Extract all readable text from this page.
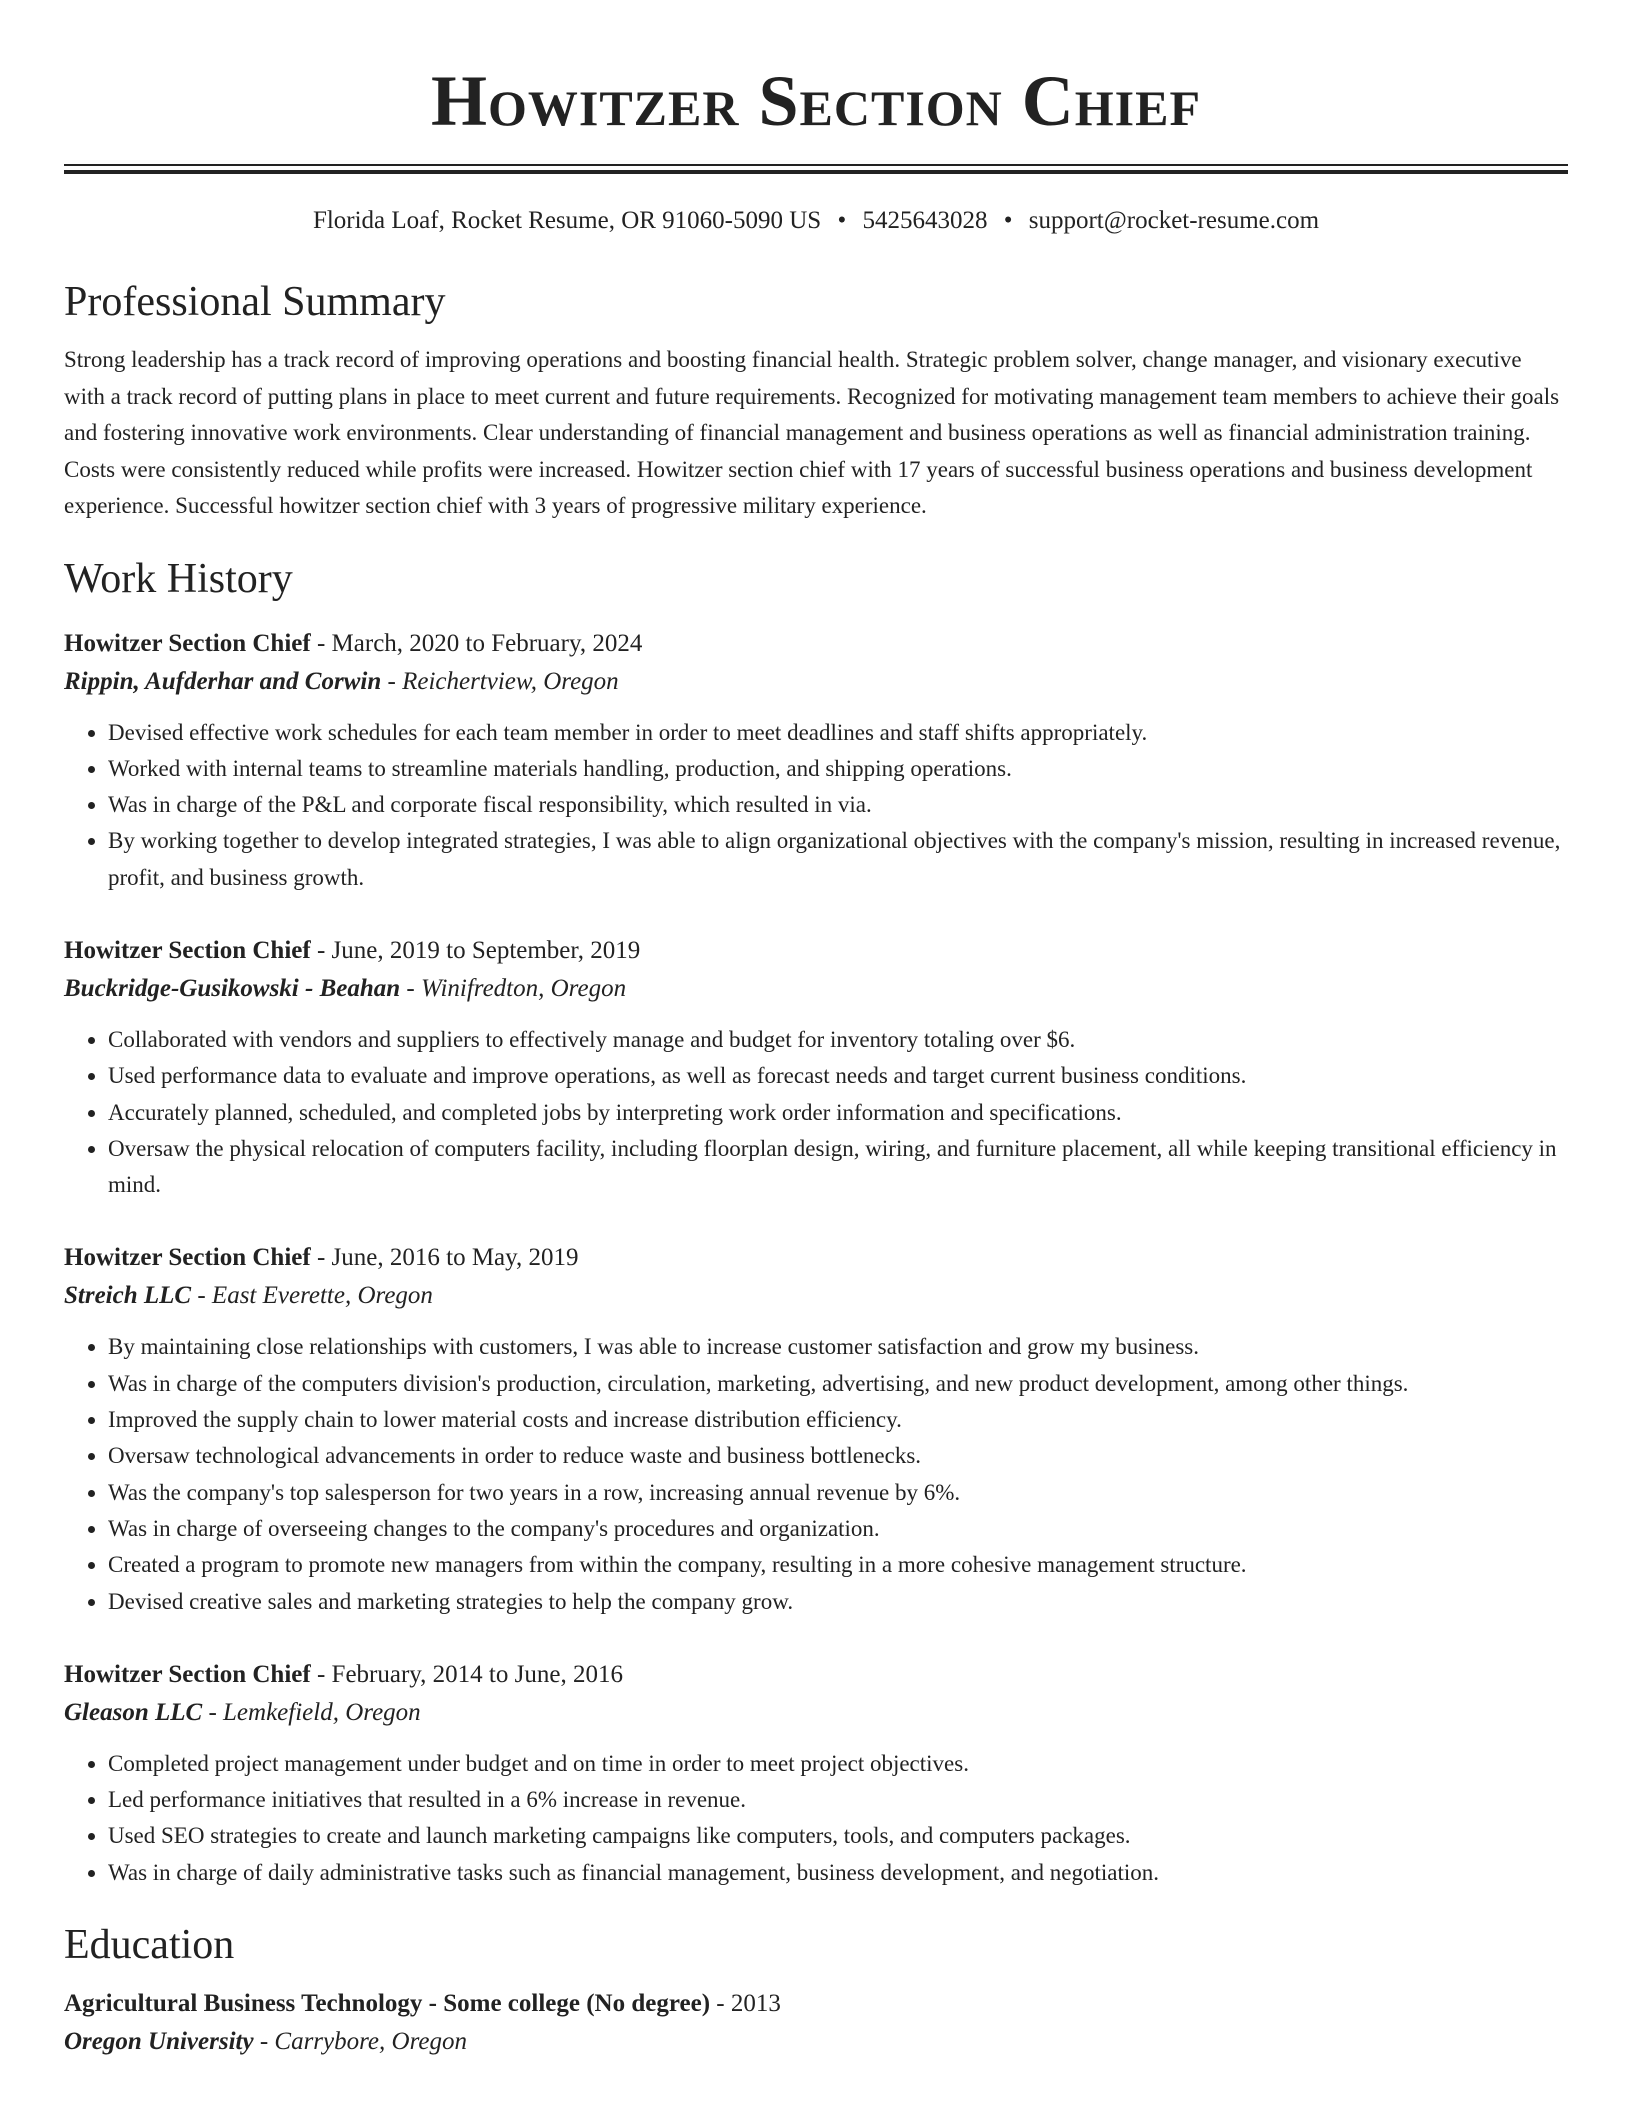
Howitzer Section Chief
Florida Loaf, Rocket Resume, OR 91060-5090 US • 5425643028 • support@rocket-resume.com
Professional Summary

Strong leadership has a track record of improving operations and boosting financial health. Strategic problem solver, change manager, and visionary executive with a track record of putting plans in place to meet current and future requirements. Recognized for motivating management team members to achieve their goals and fostering innovative work environments. Clear understanding of financial management and business operations as well as financial administration training. Costs were consistently reduced while profits were increased. Howitzer section chief with 17 years of successful business operations and business development experience. Successful howitzer section chief with 3 years of progressive military experience.

Work History
Howitzer Section Chief - March, 2020 to February, 2024
Rippin, Aufderhar and Corwin - Reichertview, Oregon
• Devised effective work schedules for each team member in order to meet deadlines and staff shifts appropriately.
• Worked with internal teams to streamline materials handling, production, and shipping operations.
• Was in charge of the P&L and corporate fiscal responsibility, which resulted in via.
• By working together to develop integrated strategies, I was able to align organizational objectives with the company's mission, resulting in increased revenue, profit, and business growth.
Howitzer Section Chief - June, 2019 to September, 2019
Buckridge-Gusikowski - Beahan - Winifredton, Oregon
• Collaborated with vendors and suppliers to effectively manage and budget for inventory totaling over $6.
• Used performance data to evaluate and improve operations, as well as forecast needs and target current business conditions.
• Accurately planned, scheduled, and completed jobs by interpreting work order information and specifications.
• Oversaw the physical relocation of computers facility, including floorplan design, wiring, and furniture placement, all while keeping transitional efficiency in mind.
Howitzer Section Chief - June, 2016 to May, 2019
Streich LLC - East Everette, Oregon
• By maintaining close relationships with customers, I was able to increase customer satisfaction and grow my business.
• Was in charge of the computers division's production, circulation, marketing, advertising, and new product development, among other things.
• Improved the supply chain to lower material costs and increase distribution efficiency.
• Oversaw technological advancements in order to reduce waste and business bottlenecks.
• Was the company's top salesperson for two years in a row, increasing annual revenue by 6%.
• Was in charge of overseeing changes to the company's procedures and organization.
• Created a program to promote new managers from within the company, resulting in a more cohesive management structure.
• Devised creative sales and marketing strategies to help the company grow.
Howitzer Section Chief - February, 2014 to June, 2016
Gleason LLC - Lemkefield, Oregon
• Completed project management under budget and on time in order to meet project objectives.
• Led performance initiatives that resulted in a 6% increase in revenue.
• Used SEO strategies to create and launch marketing campaigns like computers, tools, and computers packages.
• Was in charge of daily administrative tasks such as financial management, business development, and negotiation.
Education
Agricultural Business Technology - Some college (No degree) - 2013
Oregon University - Carrybore, Oregon
